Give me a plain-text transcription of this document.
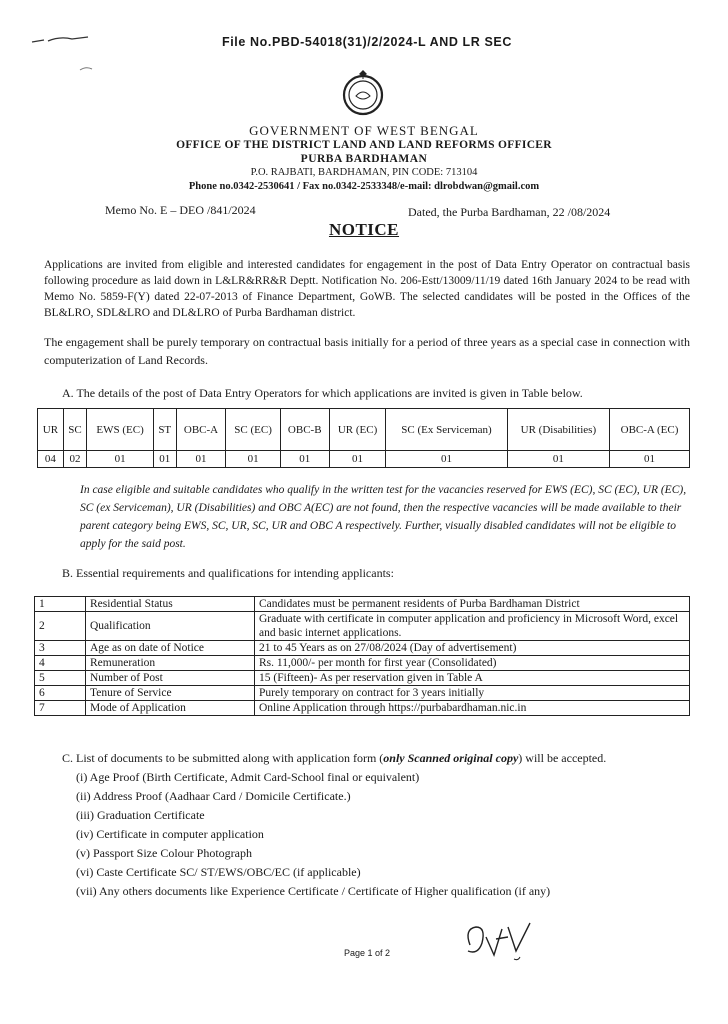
File No.PBD-54018(31)/2/2024-L AND LR SEC
GOVERNMENT OF WEST BENGAL
OFFICE OF THE DISTRICT LAND AND LAND REFORMS OFFICER
PURBA BARDHAMAN
P.O. RAJBATI, BARDHAMAN, PIN CODE: 713104
Phone no.0342-2530641 / Fax no.0342-2533348/e-mail: dlrobdwan@gmail.com
Memo No. E – DEO /841/2024	Dated, the Purba Bardhaman, 22 /08/2024
NOTICE
Applications are invited from eligible and interested candidates for engagement in the post of Data Entry Operator on contractual basis following procedure as laid down in L&LR&RR&R Deptt. Notification No. 206-Estt/13009/11/19 dated 16th January 2024 to be read with Memo No. 5859-F(Y) dated 22-07-2013 of Finance Department, GoWB. The selected candidates will be posted in the Offices of the BL&LRO, SDL&LRO and DL&LRO of Purba Bardhaman district.
The engagement shall be purely temporary on contractual basis initially for a period of three years as a special case in connection with computerization of Land Records.
A. The details of the post of Data Entry Operators for which applications are invited is given in Table below.
UR	SC	EWS (EC)	ST	OBC-A	SC (EC)	OBC-B	UR (EC)	SC (Ex Serviceman)	UR (Disabilities)	OBC-A (EC)
04	02	01	01	01	01	01	01	01	01	01
In case eligible and suitable candidates who qualify in the written test for the vacancies reserved for EWS (EC), SC (EC), UR (EC), SC (ex Serviceman), UR (Disabilities) and OBC A(EC) are not found, then the respective vacancies will be made available to their parent category being EWS, SC, UR, SC, UR and OBC A respectively. Further, visually disabled candidates will not be eligible to apply for the said post.
B. Essential requirements and qualifications for intending applicants:
1	Residential Status	Candidates must be permanent residents of Purba Bardhaman District
2	Qualification	Graduate with certificate in computer application and proficiency in Microsoft Word, excel and basic internet applications.
3	Age as on date of Notice	21 to 45 Years as on 27/08/2024 (Day of advertisement)
4	Remuneration	Rs. 11,000/- per month for first year (Consolidated)
5	Number of Post	15 (Fifteen)- As per reservation given in Table A
6	Tenure of Service	Purely temporary on contract for 3 years initially
7	Mode of Application	Online Application through https://purbabardhaman.nic.in
C. List of documents to be submitted along with application form (only Scanned original copy) will be accepted.
(i) Age Proof (Birth Certificate, Admit Card-School final or equivalent)
(ii) Address Proof (Aadhaar Card / Domicile Certificate.)
(iii) Graduation Certificate
(iv) Certificate in computer application
(v) Passport Size Colour Photograph
(vi) Caste Certificate SC/ ST/EWS/OBC/EC (if applicable)
(vii) Any others documents like Experience Certificate / Certificate of Higher qualification (if any)
Page 1 of 2
